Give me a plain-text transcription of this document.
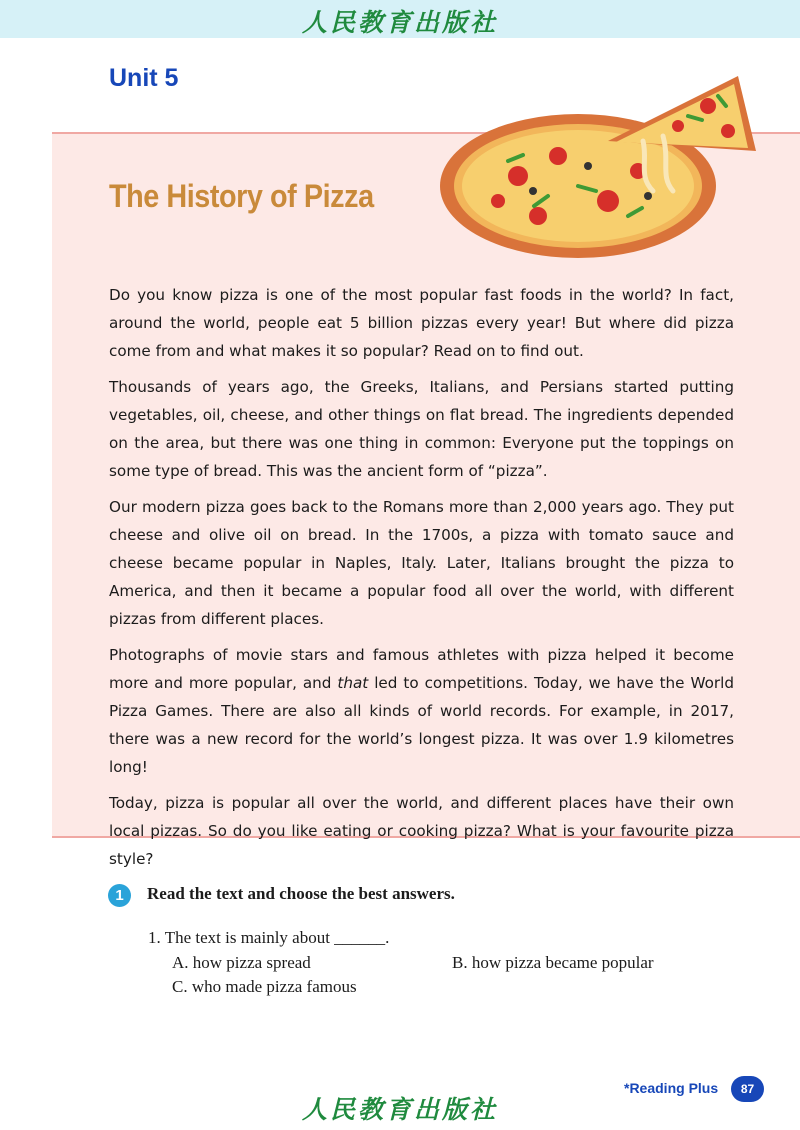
人民教育出版社
Unit 5
The History of Pizza

Do you know pizza is one of the most popular fast foods in the world? In fact, around the world, people eat 5 billion pizzas every year! But where did pizza come from and what makes it so popular? Read on to find out.

Thousands of years ago, the Greeks, Italians, and Persians started putting vegetables, oil, cheese, and other things on flat bread. The ingredients depended on the area, but there was one thing in common: Everyone put the toppings on some type of bread. This was the ancient form of “pizza”.

Our modern pizza goes back to the Romans more than 2,000 years ago. They put cheese and olive oil on bread. In the 1700s, a pizza with tomato sauce and cheese became popular in Naples, Italy. Later, Italians brought the pizza to America, and then it became a popular food all over the world, with different pizzas from different places.

Photographs of movie stars and famous athletes with pizza helped it become more and more popular, and that led to competitions. Today, we have the World Pizza Games. There are also all kinds of world records. For example, in 2017, there was a new record for the world’s longest pizza. It was over 1.9 kilometres long!

Today, pizza is popular all over the world, and different places have their own local pizzas. So do you like eating or cooking pizza? What is your favourite pizza style?

1	Read the text and choose the best answers.
1. The text is mainly about ______.
A. how pizza spread	B. how pizza became popular
C. who made pizza famous
*Reading Plus	87
人民教育出版社
